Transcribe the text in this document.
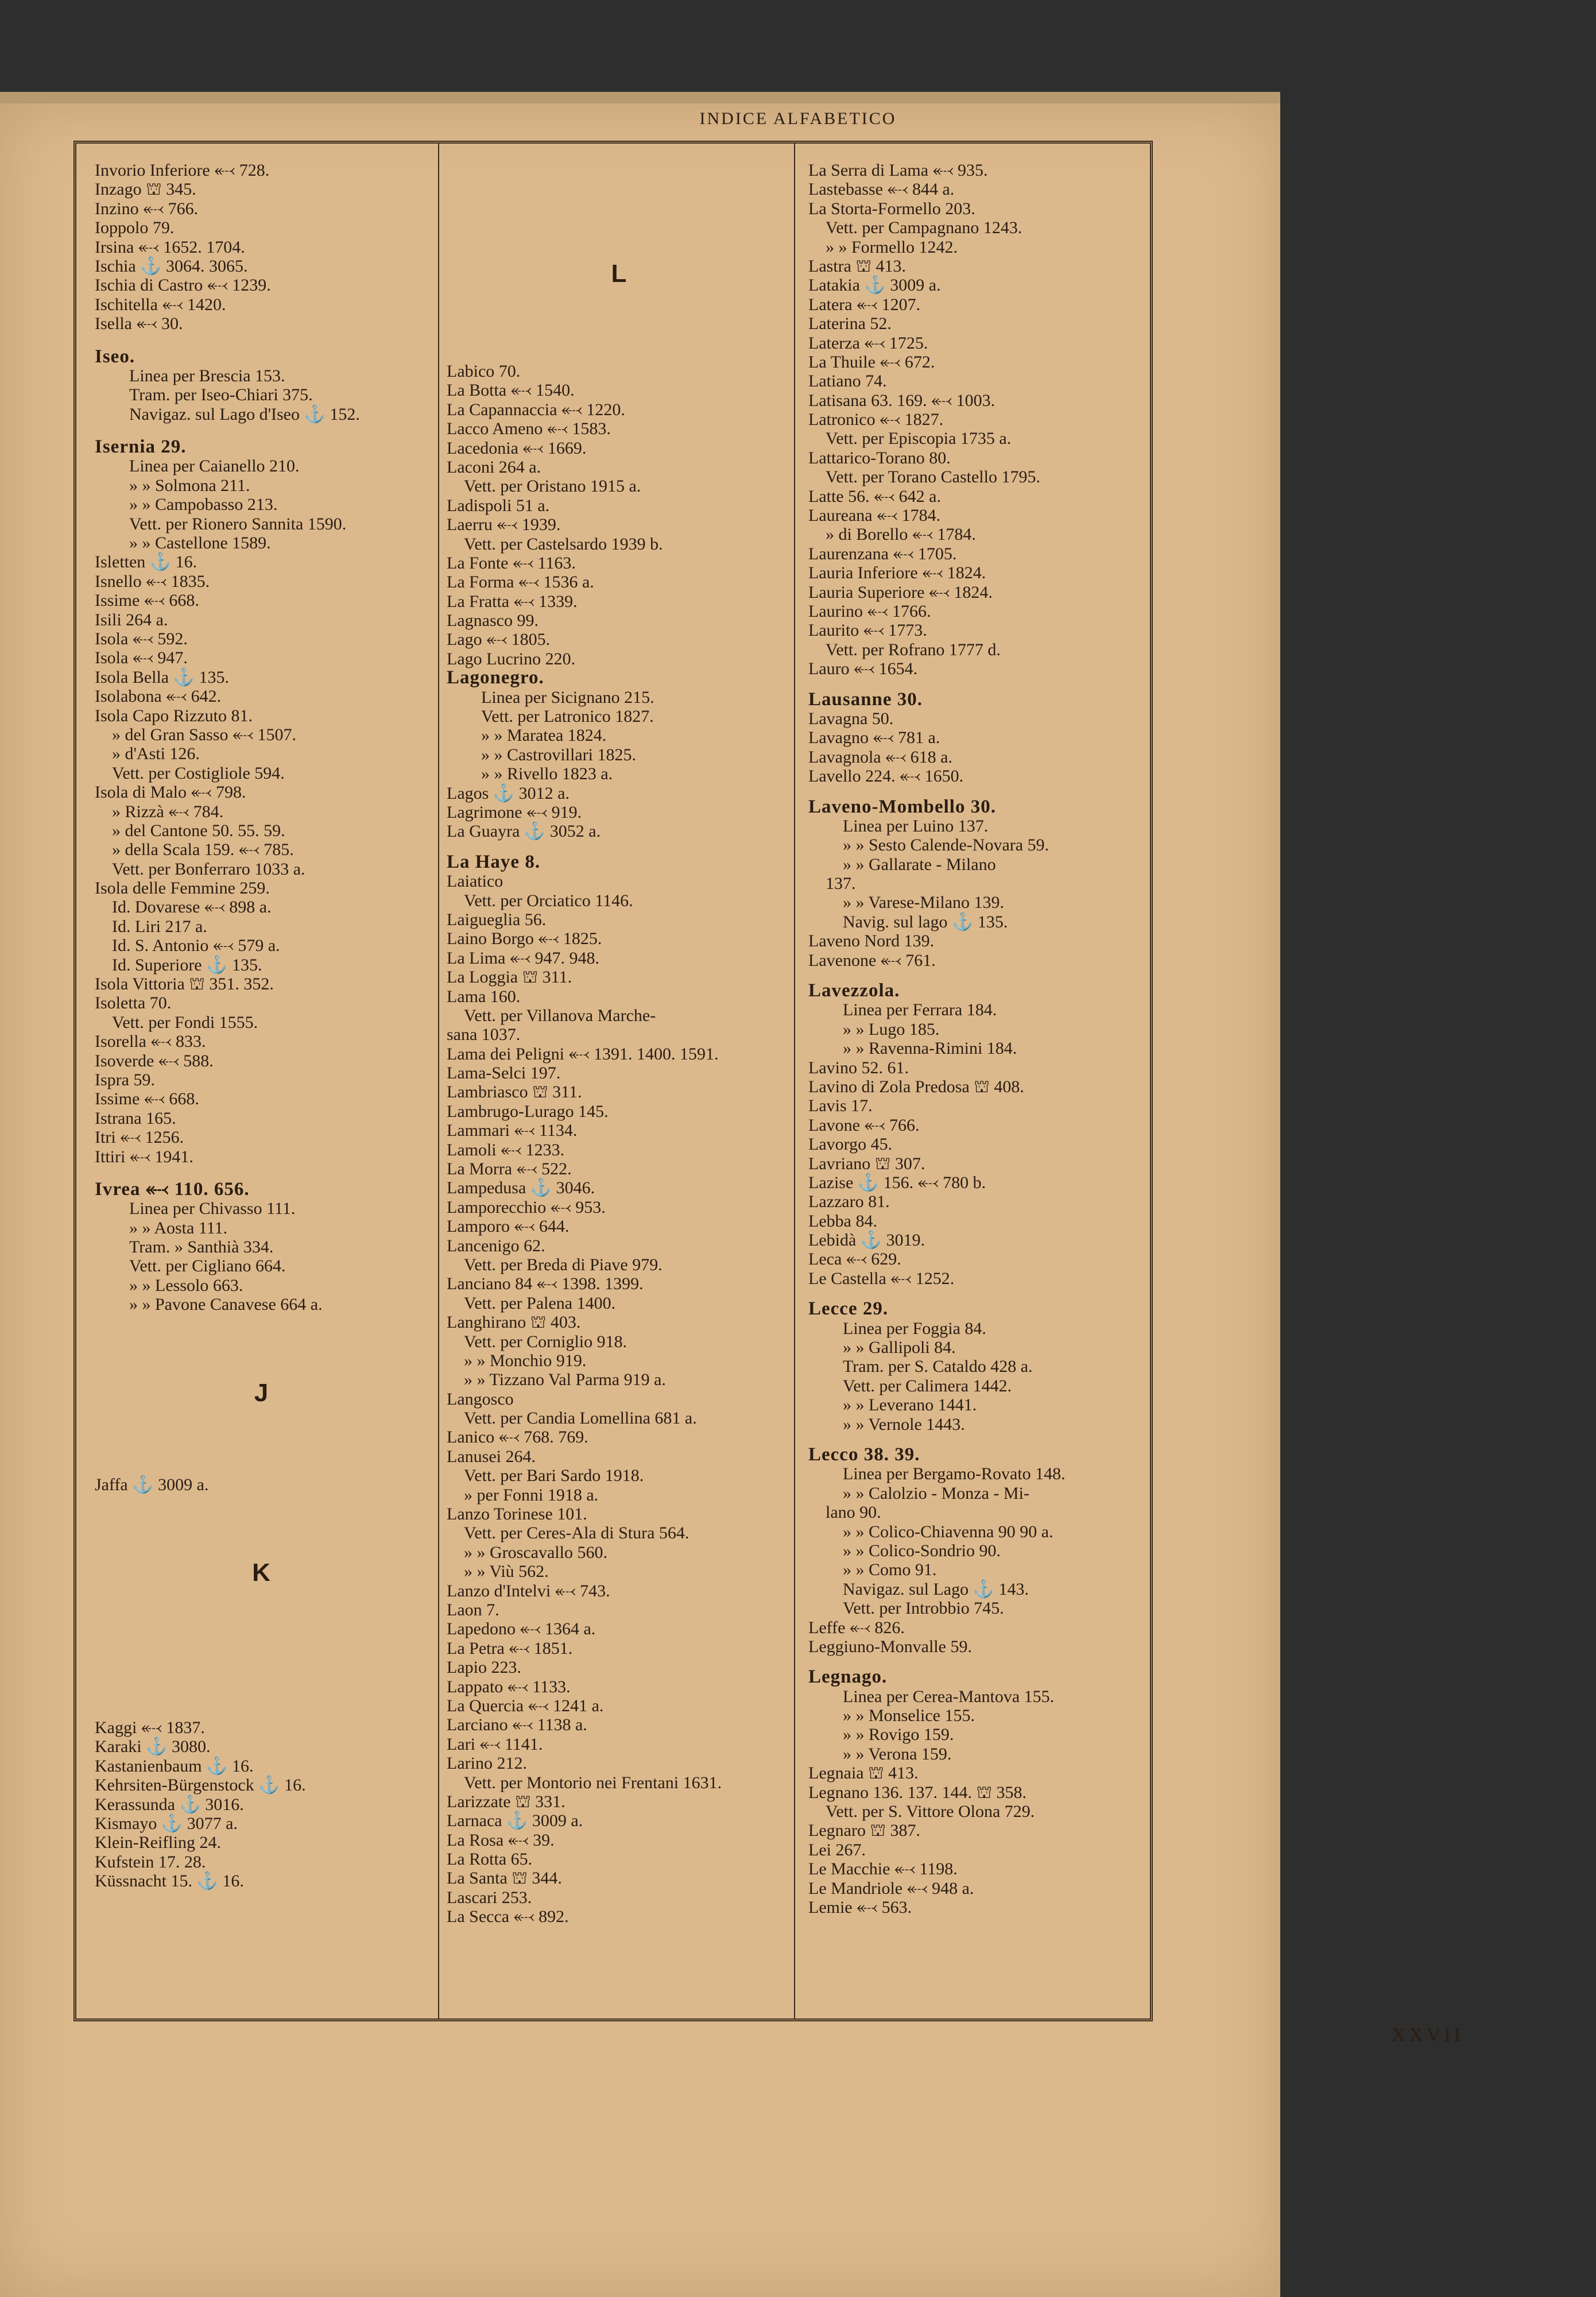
INDICE ALFABETICO
Invorio Inferiore ⬷ 728.
Inzago ⛫ 345.
Inzino ⬷ 766.
Ioppolo 79.
Irsina ⬷ 1652. 1704.
Ischia ⚓ 3064. 3065.
Ischia di Castro ⬷ 1239.
Ischitella ⬷ 1420.
Isella ⬷ 30.
Iseo.
Linea per Brescia 153.
Tram. per Iseo-Chiari 375.
Navigaz. sul Lago d'Iseo ⚓ 152.
Isernia 29.
Linea per Caianello 210.
» » Solmona 211.
» » Campobasso 213.
Vett. per Rionero Sannita 1590.
» » Castellone 1589.
Isletten ⚓ 16.
Isnello ⬷ 1835.
Issime ⬷ 668.
Isili 264 a.
Isola ⬷ 592.
Isola ⬷ 947.
Isola Bella ⚓ 135.
Isolabona ⬷ 642.
Isola Capo Rizzuto 81.
» del Gran Sasso ⬷ 1507.
» d'Asti 126.
Vett. per Costigliole 594.
Isola di Malo ⬷ 798.
» Rizzà ⬷ 784.
» del Cantone 50. 55. 59.
» della Scala 159. ⬷ 785.
Vett. per Bonferraro 1033 a.
Isola delle Femmine 259.
Id. Dovarese ⬷ 898 a.
Id. Liri 217 a.
Id. S. Antonio ⬷ 579 a.
Id. Superiore ⚓ 135.
Isola Vittoria ⛫ 351. 352.
Isoletta 70.
Vett. per Fondi 1555.
Isorella ⬷ 833.
Isoverde ⬷ 588.
Ispra 59.
Issime ⬷ 668.
Istrana 165.
Itri ⬷ 1256.
Ittiri ⬷ 1941.
Ivrea ⬷ 110. 656.
Linea per Chivasso 111.
» » Aosta 111.
Tram. » Santhià 334.
Vett. per Cigliano 664.
» » Lessolo 663.
» » Pavone Canavese 664 a.
J
Jaffa ⚓ 3009 a.
K
Kaggi ⬷ 1837.
Karaki ⚓ 3080.
Kastanienbaum ⚓ 16.
Kehrsiten-Bürgenstock ⚓ 16.
Kerassunda ⚓ 3016.
Kismayo ⚓ 3077 a.
Klein-Reifling 24.
Kufstein 17. 28.
Küssnacht 15. ⚓ 16.
L
Labico 70.
La Botta ⬷ 1540.
La Capannaccia ⬷ 1220.
Lacco Ameno ⬷ 1583.
Lacedonia ⬷ 1669.
Laconi 264 a.
Vett. per Oristano 1915 a.
Ladispoli 51 a.
Laerru ⬷ 1939.
Vett. per Castelsardo 1939 b.
La Fonte ⬷ 1163.
La Forma ⬷ 1536 a.
La Fratta ⬷ 1339.
Lagnasco 99.
Lago ⬷ 1805.
Lago Lucrino 220.
Lagonegro.
Linea per Sicignano 215.
Vett. per Latronico 1827.
» » Maratea 1824.
» » Castrovillari 1825.
» » Rivello 1823 a.
Lagos ⚓ 3012 a.
Lagrimone ⬷ 919.
La Guayra ⚓ 3052 a.
La Haye 8.
Laiatico
Vett. per Orciatico 1146.
Laigueglia 56.
Laino Borgo ⬷ 1825.
La Lima ⬷ 947. 948.
La Loggia ⛫ 311.
Lama 160.
Vett. per Villanova Marche-
sana 1037.
Lama dei Peligni ⬷ 1391. 1400. 1591.
Lama-Selci 197.
Lambriasco ⛫ 311.
Lambrugo-Lurago 145.
Lammari ⬷ 1134.
Lamoli ⬷ 1233.
La Morra ⬷ 522.
Lampedusa ⚓ 3046.
Lamporecchio ⬷ 953.
Lamporo ⬷ 644.
Lancenigo 62.
Vett. per Breda di Piave 979.
Lanciano 84 ⬷ 1398. 1399.
Vett. per Palena 1400.
Langhirano ⛫ 403.
Vett. per Corniglio 918.
» » Monchio 919.
» » Tizzano Val Parma 919 a.
Langosco
Vett. per Candia Lomellina 681 a.
Lanico ⬷ 768. 769.
Lanusei 264.
Vett. per Bari Sardo 1918.
» per Fonni 1918 a.
Lanzo Torinese 101.
Vett. per Ceres-Ala di Stura 564.
» » Groscavallo 560.
» » Viù 562.
Lanzo d'Intelvi ⬷ 743.
Laon 7.
Lapedono ⬷ 1364 a.
La Petra ⬷ 1851.
Lapio 223.
Lappato ⬷ 1133.
La Quercia ⬷ 1241 a.
Larciano ⬷ 1138 a.
Lari ⬷ 1141.
Larino 212.
Vett. per Montorio nei Frentani 1631.
Larizzate ⛫ 331.
Larnaca ⚓ 3009 a.
La Rosa ⬷ 39.
La Rotta 65.
La Santa ⛫ 344.
Lascari 253.
La Secca ⬷ 892.
La Serra di Lama ⬷ 935.
Lastebasse ⬷ 844 a.
La Storta-Formello 203.
Vett. per Campagnano 1243.
» » Formello 1242.
Lastra ⛫ 413.
Latakia ⚓ 3009 a.
Latera ⬷ 1207.
Laterina 52.
Laterza ⬷ 1725.
La Thuile ⬷ 672.
Latiano 74.
Latisana 63. 169. ⬷ 1003.
Latronico ⬷ 1827.
Vett. per Episcopia 1735 a.
Lattarico-Torano 80.
Vett. per Torano Castello 1795.
Latte 56. ⬷ 642 a.
Laureana ⬷ 1784.
» di Borello ⬷ 1784.
Laurenzana ⬷ 1705.
Lauria Inferiore ⬷ 1824.
Lauria Superiore ⬷ 1824.
Laurino ⬷ 1766.
Laurito ⬷ 1773.
Vett. per Rofrano 1777 d.
Lauro ⬷ 1654.
Lausanne 30.
Lavagna 50.
Lavagno ⬷ 781 a.
Lavagnola ⬷ 618 a.
Lavello 224. ⬷ 1650.
Laveno-Mombello 30.
Linea per Luino 137.
» » Sesto Calende-Novara 59.
» » Gallarate - Milano
137.
» » Varese-Milano 139.
Navig. sul lago ⚓ 135.
Laveno Nord 139.
Lavenone ⬷ 761.
Lavezzola.
Linea per Ferrara 184.
» » Lugo 185.
» » Ravenna-Rimini 184.
Lavino 52. 61.
Lavino di Zola Predosa ⛫ 408.
Lavis 17.
Lavone ⬷ 766.
Lavorgo 45.
Lavriano ⛫ 307.
Lazise ⚓ 156. ⬷ 780 b.
Lazzaro 81.
Lebba 84.
Lebidà ⚓ 3019.
Leca ⬷ 629.
Le Castella ⬷ 1252.
Lecce 29.
Linea per Foggia 84.
» » Gallipoli 84.
Tram. per S. Cataldo 428 a.
Vett. per Calimera 1442.
» » Leverano 1441.
» » Vernole 1443.
Lecco 38. 39.
Linea per Bergamo-Rovato 148.
» » Calolzio - Monza - Mi-
lano 90.
» » Colico-Chiavenna 90 90 a.
» » Colico-Sondrio 90.
» » Como 91.
Navigaz. sul Lago ⚓ 143.
Vett. per Introbbio 745.
Leffe ⬷ 826.
Leggiuno-Monvalle 59.
Legnago.
Linea per Cerea-Mantova 155.
» » Monselice 155.
» » Rovigo 159.
» » Verona 159.
Legnaia ⛫ 413.
Legnano 136. 137. 144. ⛫ 358.
Vett. per S. Vittore Olona 729.
Legnaro ⛫ 387.
Lei 267.
Le Macchie ⬷ 1198.
Le Mandriole ⬷ 948 a.
Lemie ⬷ 563.
XXVII
